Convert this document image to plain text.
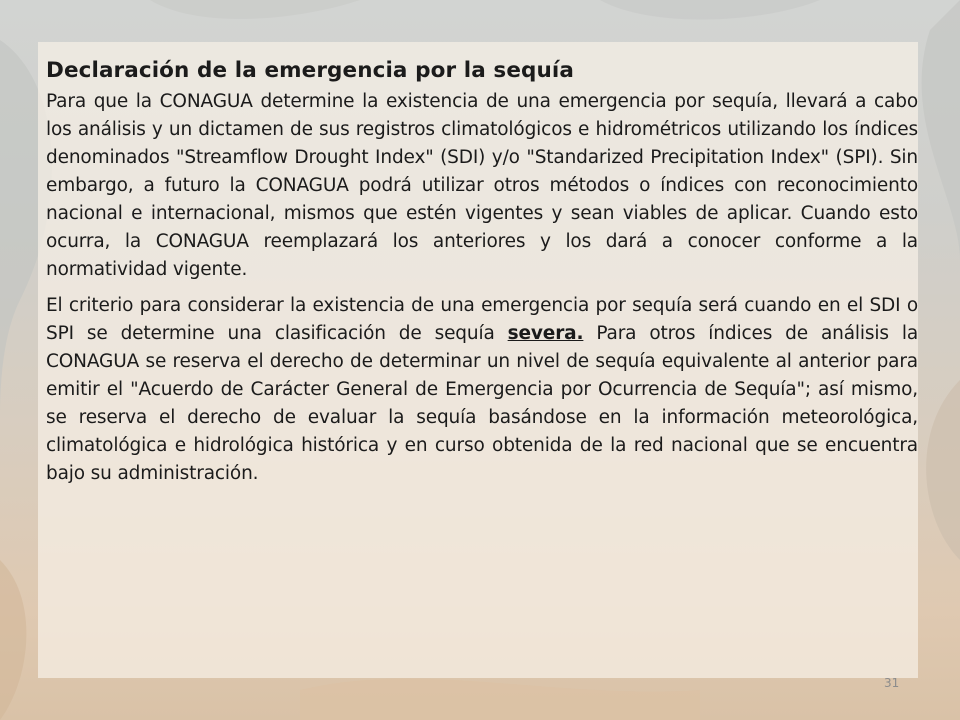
Declaración de la emergencia por la sequía

Para que la CONAGUA determine la existencia de una emergencia por sequía, llevará a cabo los análisis y un dictamen de sus registros climatológicos e hidrométricos utilizando los índices denominados "Streamflow Drought Index" (SDI) y/o "Standarized Precipitation Index" (SPI). Sin embargo, a futuro la CONAGUA podrá utilizar otros métodos o índices con reconocimiento nacional e internacional, mismos que estén vigentes y sean viables de aplicar. Cuando esto ocurra, la CONAGUA reemplazará los anteriores y los dará a conocer conforme a la normatividad vigente.

El criterio para considerar la existencia de una emergencia por sequía será cuando en el SDI o SPI se determine una clasificación de sequía severa. Para otros índices de análisis la CONAGUA se reserva el derecho de determinar un nivel de sequía equivalente al anterior para emitir el "Acuerdo de Carácter General de Emergencia por Ocurrencia de Sequía"; así mismo, se reserva el derecho de evaluar la sequía basándose en la información meteorológica, climatológica e hidrológica histórica y en curso obtenida de la red nacional que se encuentra bajo su administración.

31
